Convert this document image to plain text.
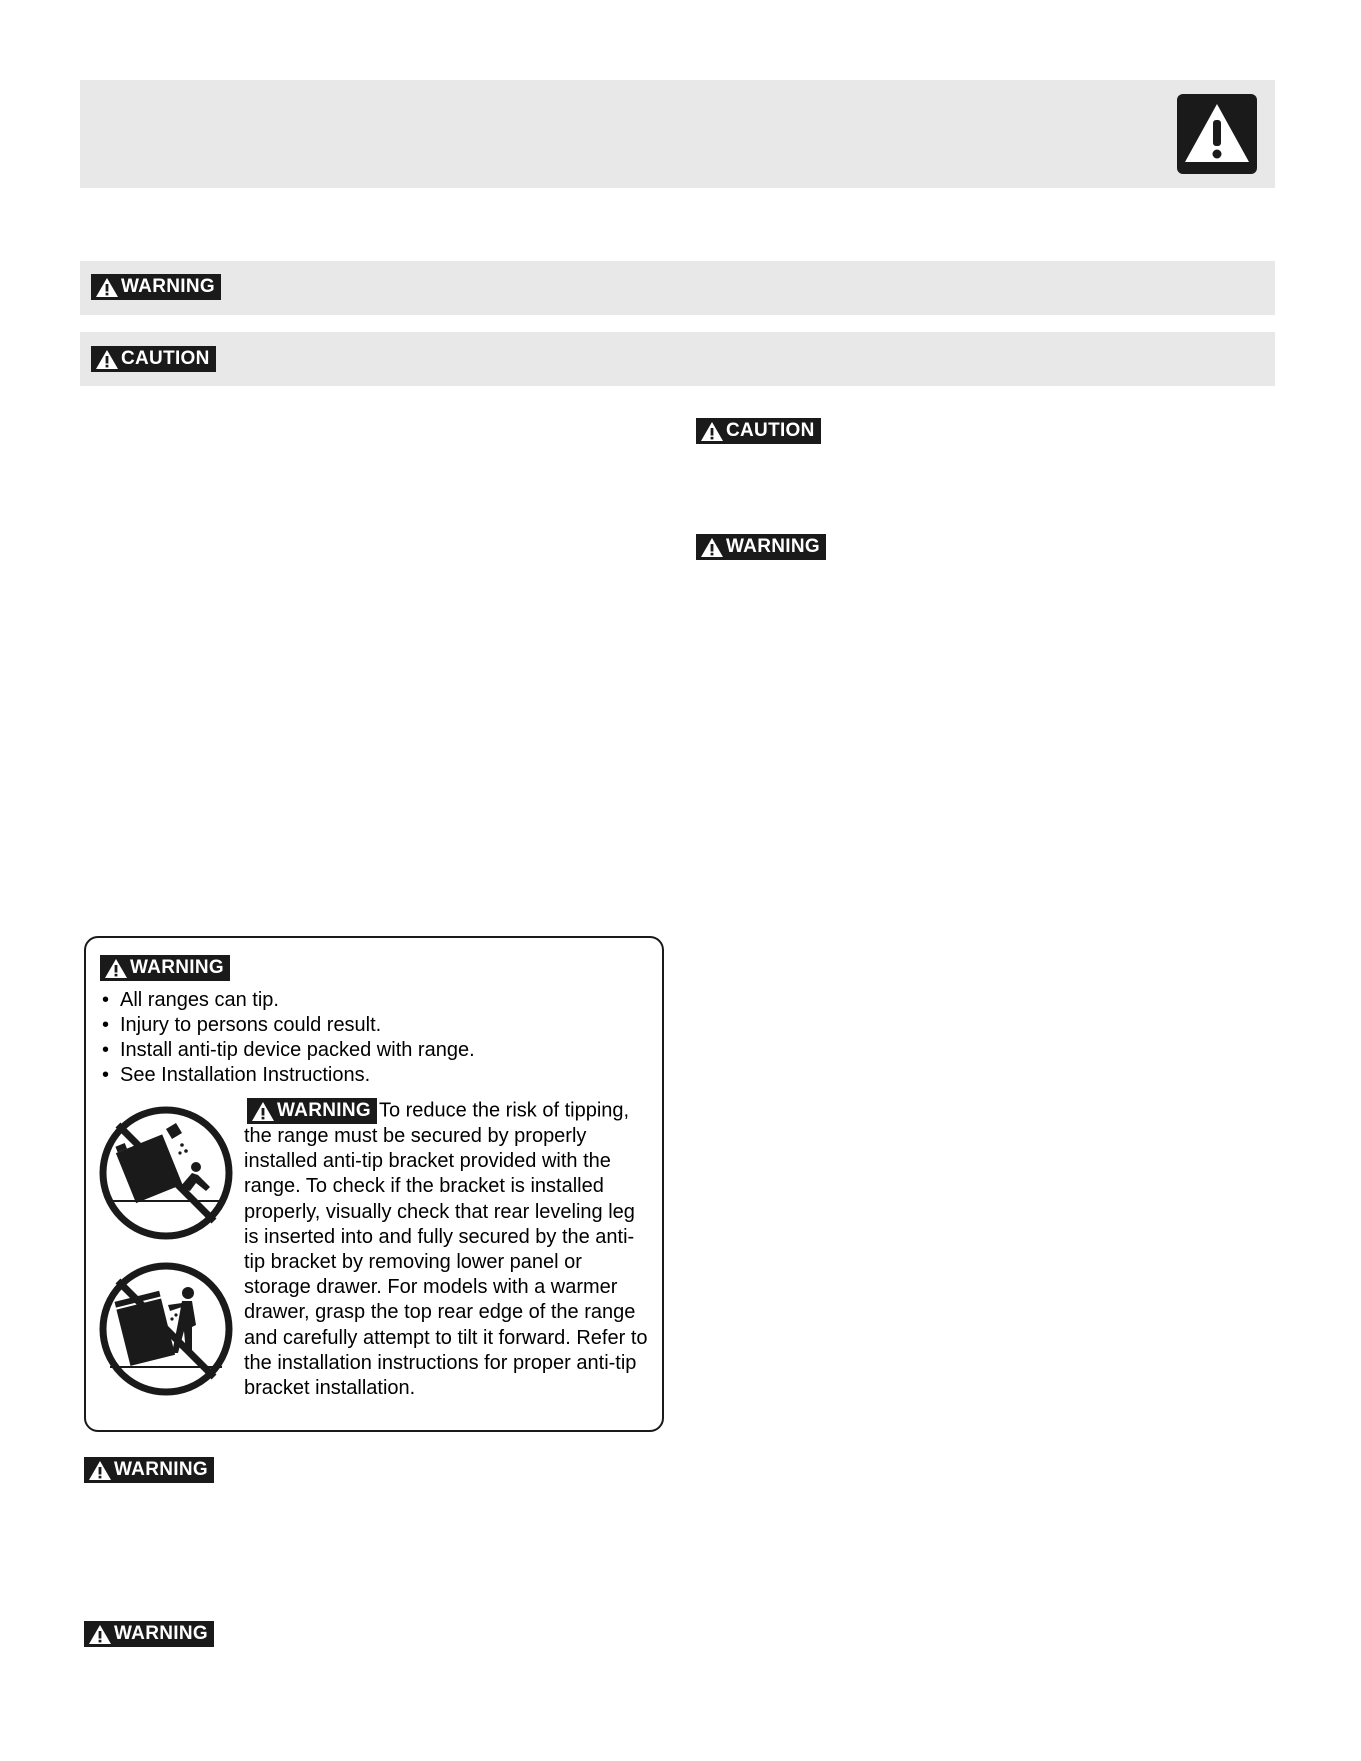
WARNING
CAUTION
CAUTION
WARNING
WARNING
• All ranges can tip.
• Injury to persons could result.
• Install anti-tip device packed with range.
• See Installation Instructions.
WARNING To reduce the risk of tipping, the range must be secured by properly installed anti-tip bracket provided with the range. To check if the bracket is installed properly, visually check that rear leveling leg is inserted into and fully secured by the anti-tip bracket by removing lower panel or storage drawer. For models with a warmer drawer, grasp the top rear edge of the range and carefully attempt to tilt it forward. Refer to the installation instructions for proper anti-tip bracket installation.
WARNING
WARNING
